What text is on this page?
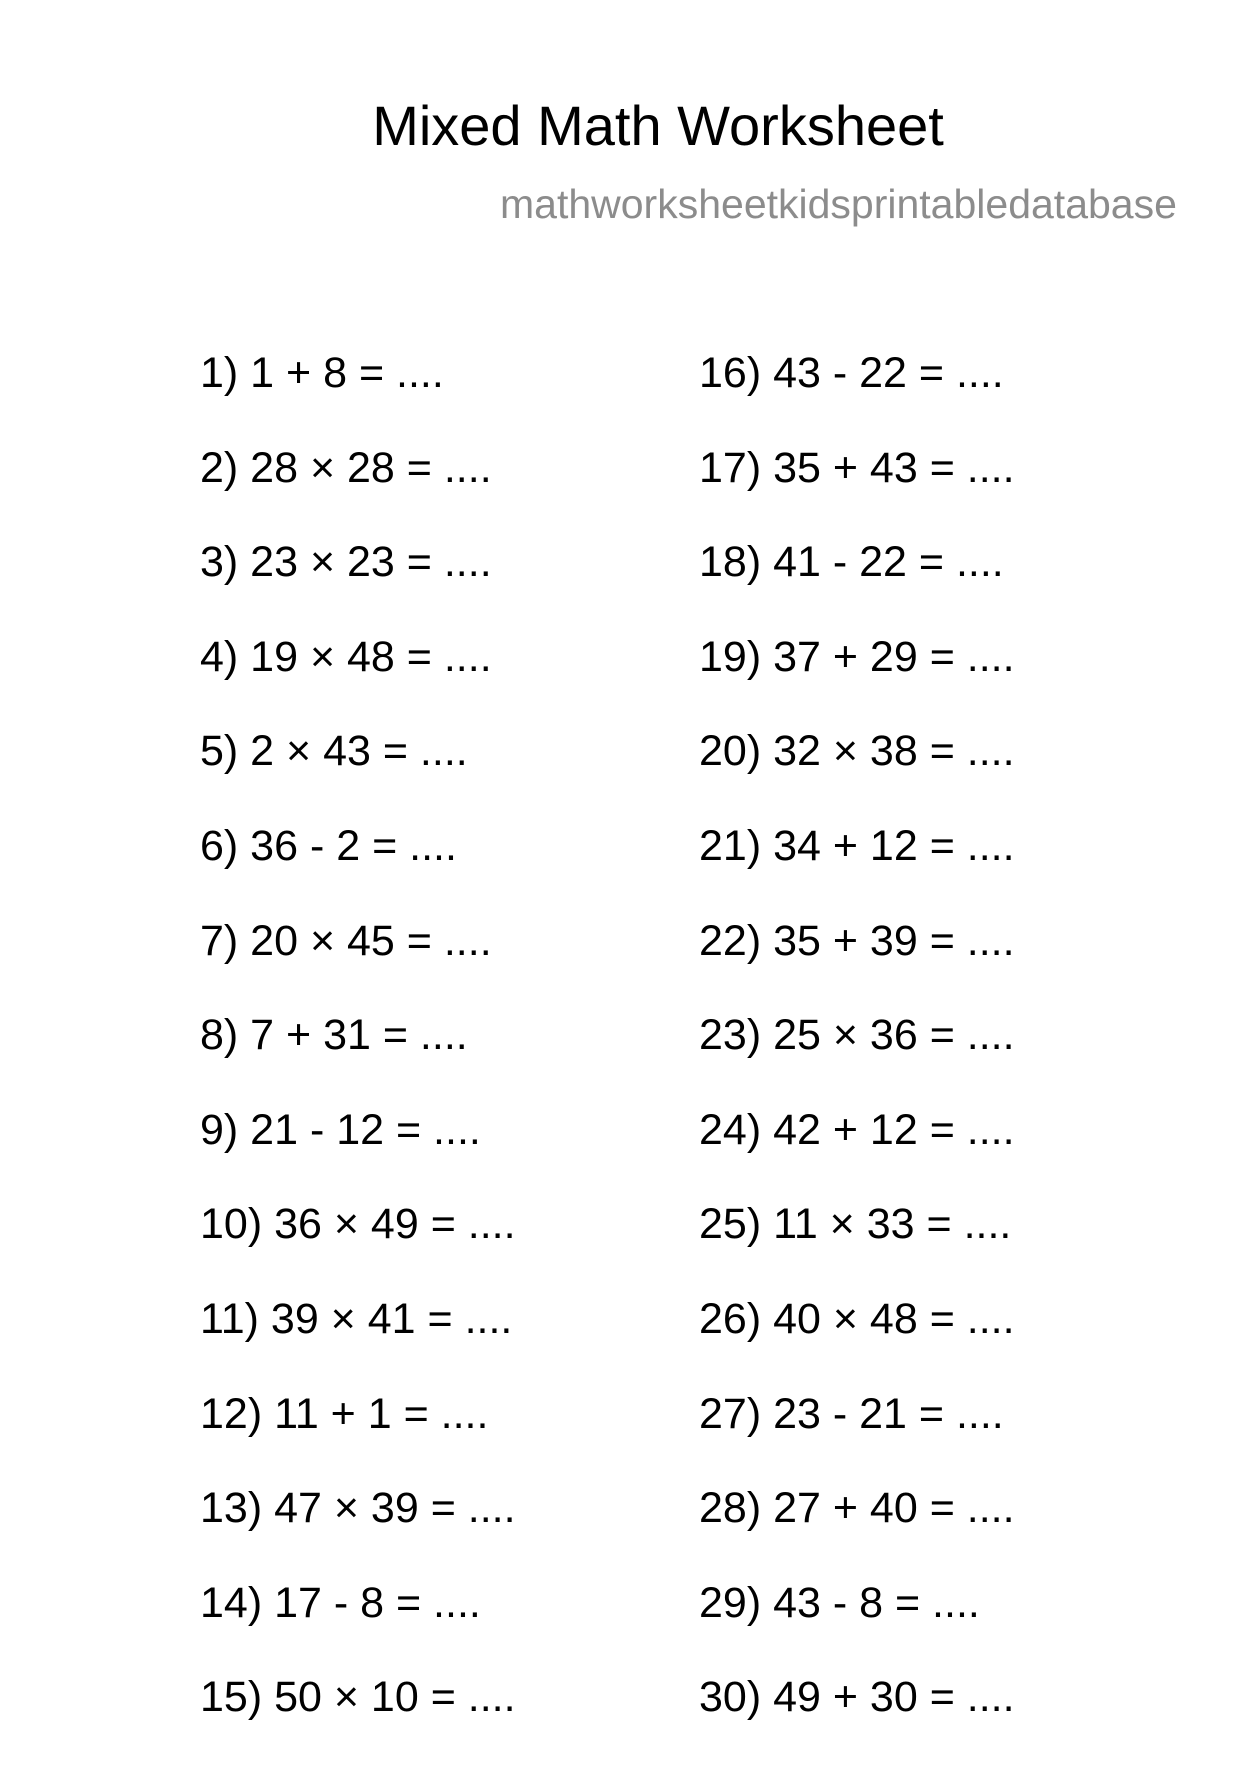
Mixed Math Worksheet
mathworksheetkidsprintabledatabase
1) 1 + 8 = ....
2) 28 × 28 = ....
3) 23 × 23 = ....
4) 19 × 48 = ....
5) 2 × 43 = ....
6) 36 - 2 = ....
7) 20 × 45 = ....
8) 7 + 31 = ....
9) 21 - 12 = ....
10) 36 × 49 = ....
11) 39 × 41 = ....
12) 11 + 1 = ....
13) 47 × 39 = ....
14) 17 - 8 = ....
15) 50 × 10 = ....
16) 43 - 22 = ....
17) 35 + 43 = ....
18) 41 - 22 = ....
19) 37 + 29 = ....
20) 32 × 38 = ....
21) 34 + 12 = ....
22) 35 + 39 = ....
23) 25 × 36 = ....
24) 42 + 12 = ....
25) 11 × 33 = ....
26) 40 × 48 = ....
27) 23 - 21 = ....
28) 27 + 40 = ....
29) 43 - 8 = ....
30) 49 + 30 = ....
